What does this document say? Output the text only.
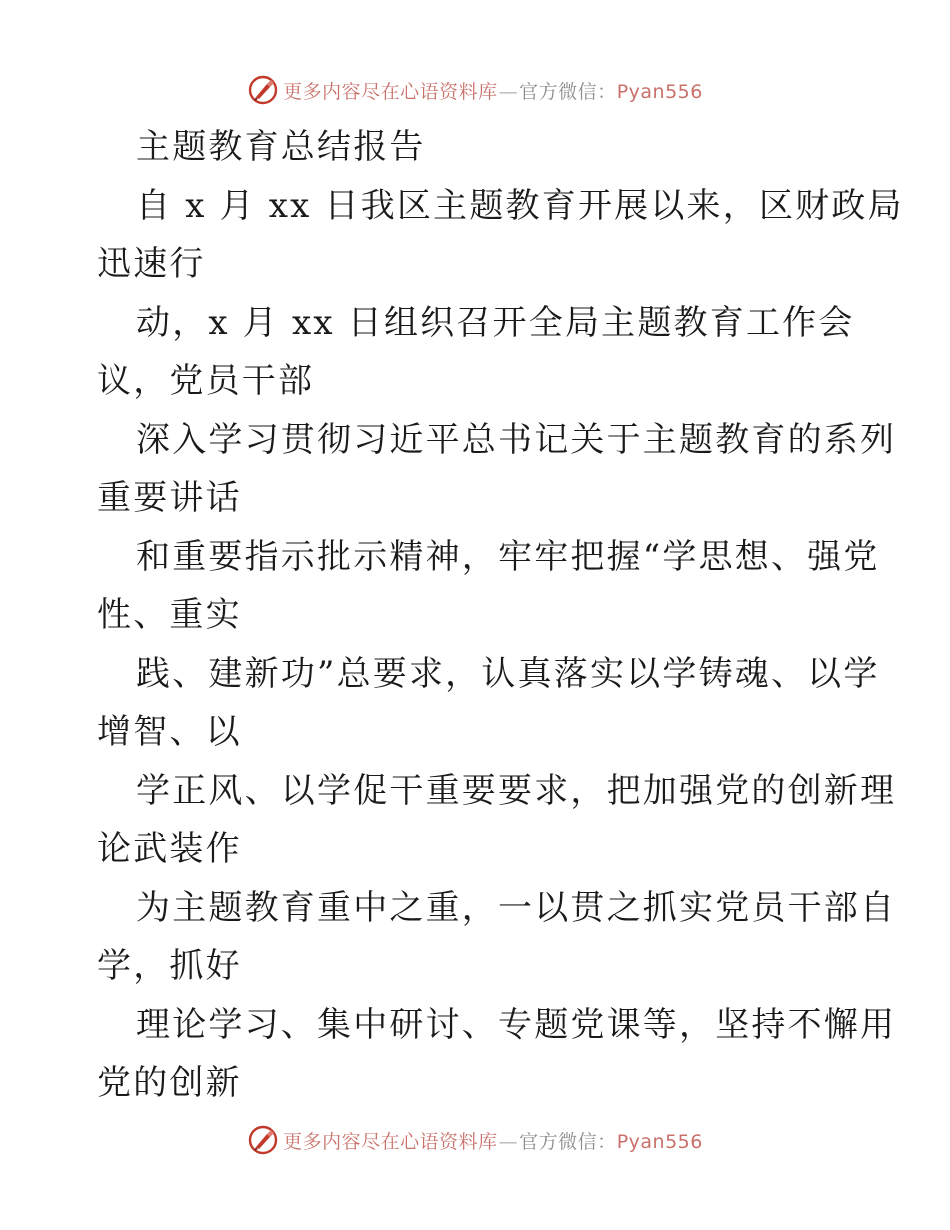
更多内容尽在心语资料库—官方微信：Pyan556
主题教育总结报告
自 x 月 xx 日我区主题教育开展以来，区财政局
迅速行
动，x 月 xx 日组织召开全局主题教育工作会
议，党员干部
深入学习贯彻习近平总书记关于主题教育的系列
重要讲话
和重要指示批示精神，牢牢把握“学思想、强党
性、重实
践、建新功”总要求，认真落实以学铸魂、以学
增智、以
学正风、以学促干重要要求，把加强党的创新理
论武装作
为主题教育重中之重，一以贯之抓实党员干部自
学，抓好
理论学习、集中研讨、专题党课等，坚持不懈用
党的创新
更多内容尽在心语资料库—官方微信：Pyan556
